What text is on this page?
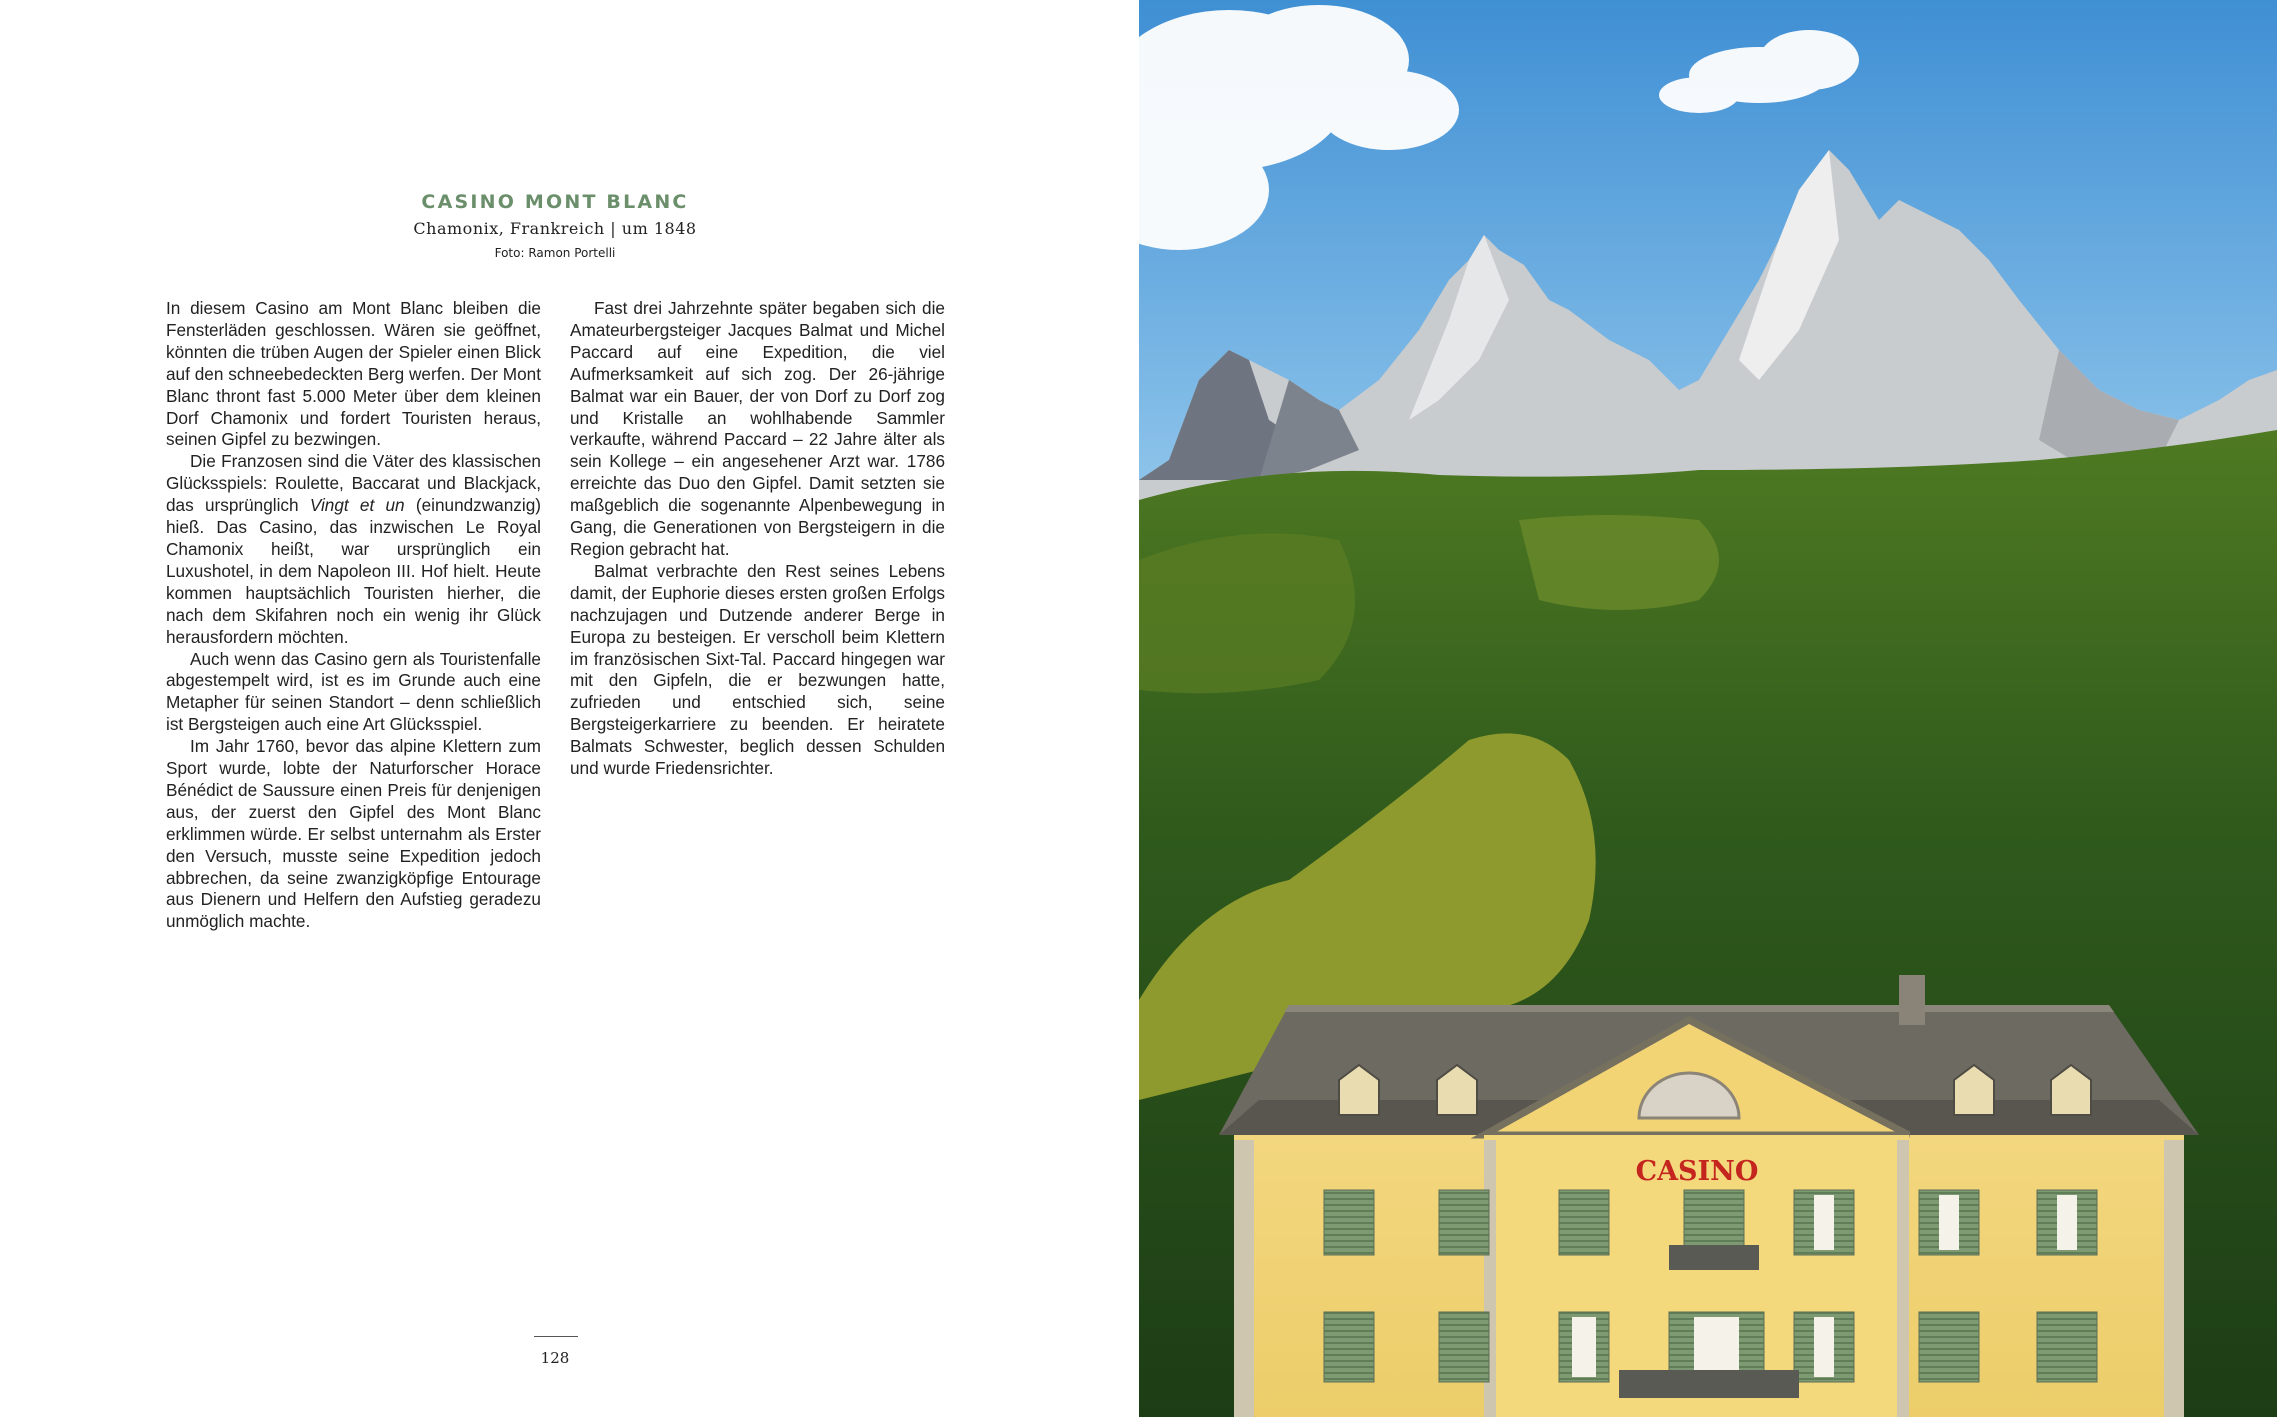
CASINO MONT BLANC
Chamonix, Frankreich | um 1848
Foto: Ramon Portelli

In diesem Casino am Mont Blanc bleiben die Fensterläden geschlossen. Wären sie geöffnet, könnten die trüben Augen der Spieler einen Blick auf den schneebedeckten Berg werfen. Der Mont Blanc thront fast 5.000 Meter über dem kleinen Dorf Chamonix und fordert Touristen heraus, seinen Gipfel zu bezwingen.

Die Franzosen sind die Väter des klassischen Glücksspiels: Roulette, Baccarat und Blackjack, das ursprünglich Vingt et un (einundzwanzig) hieß. Das Casino, das inzwischen Le Royal Chamonix heißt, war ursprünglich ein Luxushotel, in dem Napoleon III. Hof hielt. Heute kommen hauptsächlich Touristen hierher, die nach dem Skifahren noch ein wenig ihr Glück herausfordern möchten.

Auch wenn das Casino gern als Touristenfalle abgestempelt wird, ist es im Grunde auch eine Metapher für seinen Standort – denn schließlich ist Bergsteigen auch eine Art Glücksspiel.

Im Jahr 1760, bevor das alpine Klettern zum Sport wurde, lobte der Naturforscher Horace Bénédict de Saussure einen Preis für denjenigen aus, der zuerst den Gipfel des Mont Blanc erklimmen würde. Er selbst unternahm als Erster den Versuch, musste seine Expedition jedoch abbrechen, da seine zwanzigköpfige Entourage aus Dienern und Helfern den Aufstieg geradezu unmöglich machte.

Fast drei Jahrzehnte später begaben sich die Amateurbergsteiger Jacques Balmat und Michel Paccard auf eine Expedition, die viel Aufmerksamkeit auf sich zog. Der 26-jährige Balmat war ein Bauer, der von Dorf zu Dorf zog und Kristalle an wohlhabende Sammler verkaufte, während Paccard – 22 Jahre älter als sein Kollege – ein angesehener Arzt war. 1786 erreichte das Duo den Gipfel. Damit setzten sie maßgeblich die sogenannte Alpenbewegung in Gang, die Generationen von Bergsteigern in die Region gebracht hat.

Balmat verbrachte den Rest seines Lebens damit, der Euphorie dieses ersten großen Erfolgs nachzujagen und Dutzende anderer Berge in Europa zu besteigen. Er verscholl beim Klettern im französischen Sixt-Tal. Paccard hingegen war mit den Gipfeln, die er bezwungen hatte, zufrieden und entschied sich, seine Bergsteigerkarriere zu beenden. Er heiratete Balmats Schwester, beglich dessen Schulden und wurde Friedensrichter.

128
CASINO
